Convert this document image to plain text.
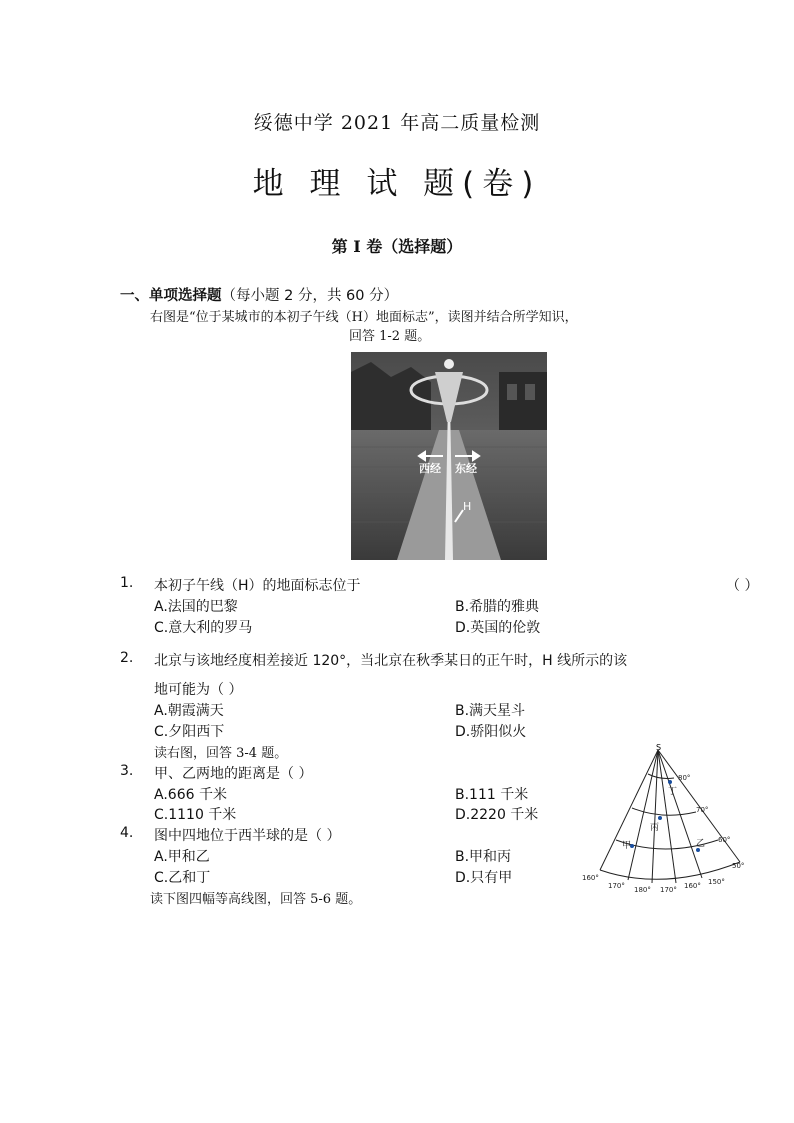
绥德中学 2021 年高二质量检测
地 理 试 题(卷)
第 I 卷（选择题）
一、单项选择题（每小题 2 分，共 60 分）
右图是“位于某城市的本初子午线（H）地面标志”，读图并结合所学知识，
回答 1-2 题。
西经 东经
H
1. 本初子午线（H）的地面标志位于	（ ）
A.法国的巴黎	B.希腊的雅典
C.意大利的罗马	D.英国的伦敦
2. 北京与该地经度相差接近 120°，当北京在秋季某日的正午时，H 线所示的该
地可能为（ ）
A.朝霞满天	B.满天星斗
C.夕阳西下	D.骄阳似火
读右图，回答 3-4 题。
3. 甲、乙两地的距离是（ ）
A.666 千米	B.111 千米
C.1110 千米	D.2220 千米
4. 图中四地位于西半球的是（ ）
A.甲和乙	B.甲和丙
C.乙和丁	D.只有甲
读下图四幅等高线图，回答 5-6 题。
S
80°
70°
60°
50°
160°
170° 180° 170° 160° 150°
丁
丙
乙
甲
